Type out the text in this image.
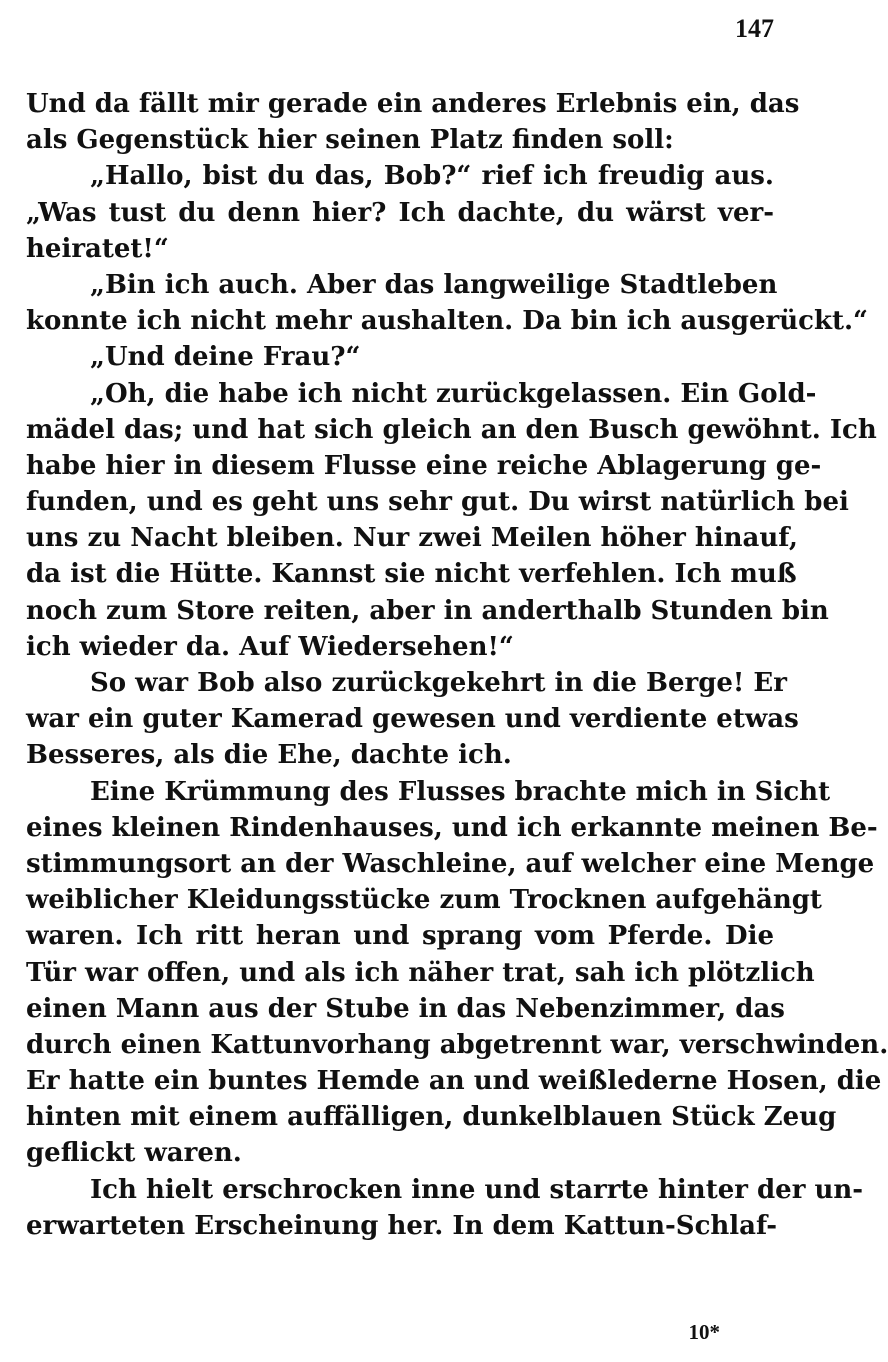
147
Und da fällt mir gerade ein anderes Erlebnis ein, das
als Gegenstück hier seinen Platz finden soll:
„Hallo, bist du das, Bob?“ rief ich freudig aus.
„Was tust du denn hier? Ich dachte, du wärst ver-
heiratet!“
„Bin ich auch. Aber das langweilige Stadtleben
konnte ich nicht mehr aushalten. Da bin ich ausgerückt.“
„Und deine Frau?“
„Oh, die habe ich nicht zurückgelassen. Ein Gold-
mädel das; und hat sich gleich an den Busch gewöhnt. Ich
habe hier in diesem Flusse eine reiche Ablagerung ge-
funden, und es geht uns sehr gut. Du wirst natürlich bei
uns zu Nacht bleiben. Nur zwei Meilen höher hinauf,
da ist die Hütte. Kannst sie nicht verfehlen. Ich muß
noch zum Store reiten, aber in anderthalb Stunden bin
ich wieder da. Auf Wiedersehen!“
So war Bob also zurückgekehrt in die Berge! Er
war ein guter Kamerad gewesen und verdiente etwas
Besseres, als die Ehe, dachte ich.
Eine Krümmung des Flusses brachte mich in Sicht
eines kleinen Rindenhauses, und ich erkannte meinen Be-
stimmungsort an der Waschleine, auf welcher eine Menge
weiblicher Kleidungsstücke zum Trocknen aufgehängt
waren. Ich ritt heran und sprang vom Pferde. Die
Tür war offen, und als ich näher trat, sah ich plötzlich
einen Mann aus der Stube in das Nebenzimmer, das
durch einen Kattunvorhang abgetrennt war, verschwinden.
Er hatte ein buntes Hemde an und weißlederne Hosen, die
hinten mit einem auffälligen, dunkelblauen Stück Zeug
geflickt waren.
Ich hielt erschrocken inne und starrte hinter der un-
erwarteten Erscheinung her. In dem Kattun-Schlaf-
10*
